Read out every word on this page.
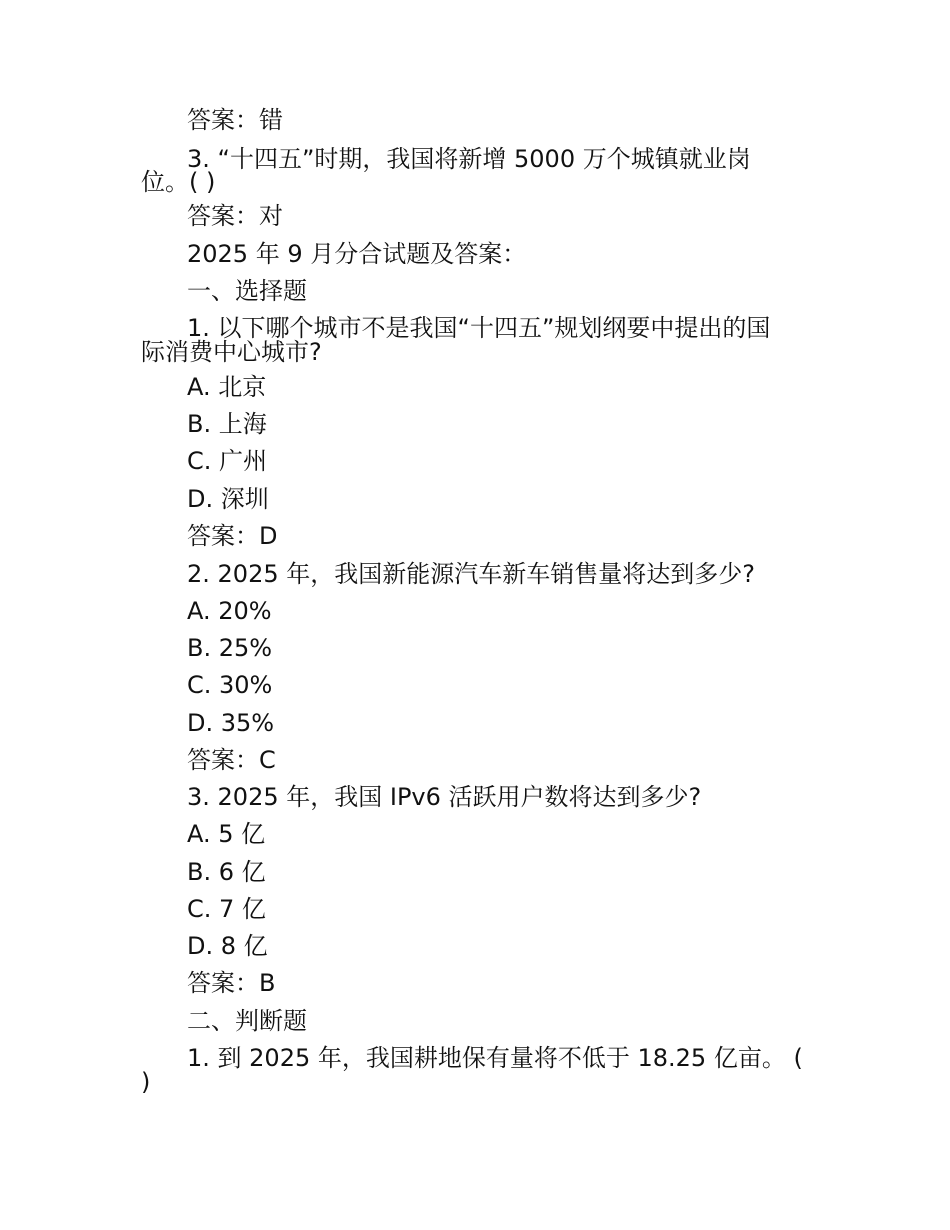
答案：错
3. “十四五”时期，我国将新增 5000 万个城镇就业岗
位。( )
答案：对
2025 年 9 月分合试题及答案：
一、选择题
1. 以下哪个城市不是我国“十四五”规划纲要中提出的国
际消费中心城市?
A. 北京
B. 上海
C. 广州
D. 深圳
答案：D
2. 2025 年，我国新能源汽车新车销售量将达到多少?
A. 20%
B. 25%
C. 30%
D. 35%
答案：C
3. 2025 年，我国 IPv6 活跃用户数将达到多少?
A. 5 亿
B. 6 亿
C. 7 亿
D. 8 亿
答案：B
二、判断题
1. 到 2025 年，我国耕地保有量将不低于 18.25 亿亩。 (
)
